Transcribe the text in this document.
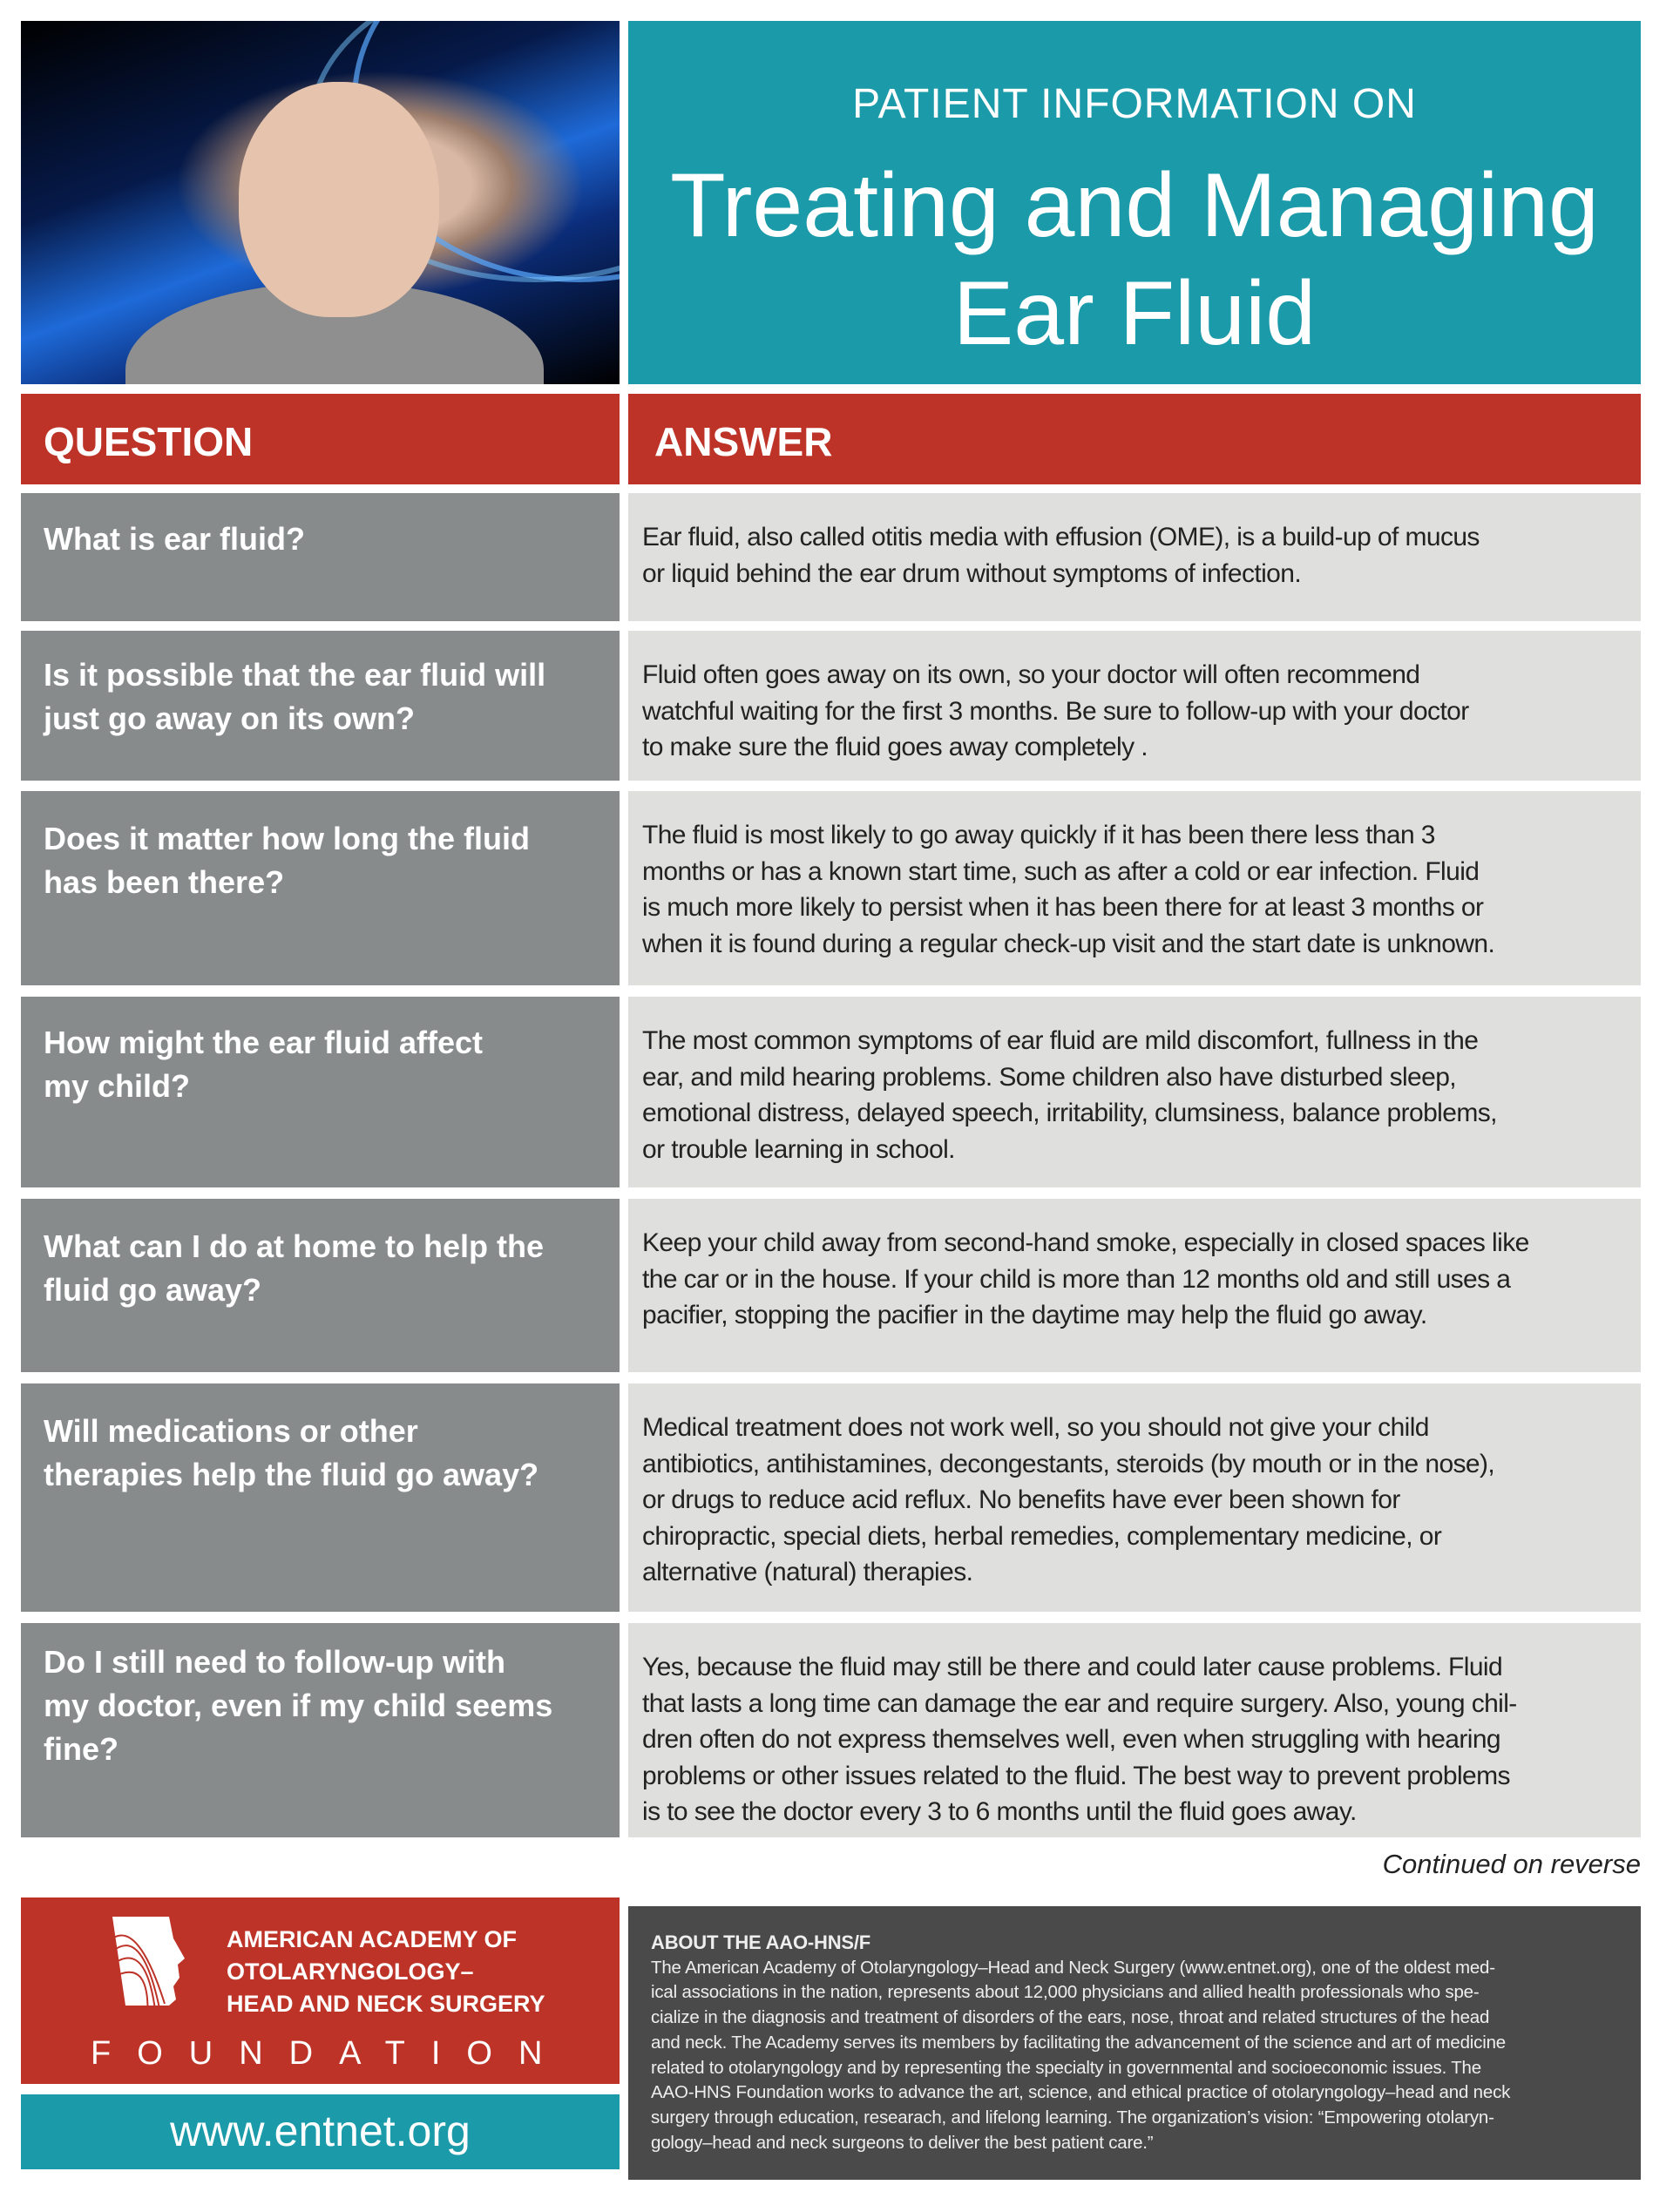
PATIENT INFORMATION ON
Treating and Managing
Ear Fluid
QUESTION	ANSWER
What is ear fluid?	Ear fluid, also called otitis media with effusion (OME), is a build-up of mucus
or liquid behind the ear drum without symptoms of infection.
Is it possible that the ear fluid will
just go away on its own?
Fluid often goes away on its own, so your doctor will often recommend
watchful waiting for the first 3 months. Be sure to follow-up with your doctor
to make sure the fluid goes away completely .
Does it matter how long the fluid
has been there?
The fluid is most likely to go away quickly if it has been there less than 3
months or has a known start time, such as after a cold or ear infection. Fluid
is much more likely to persist when it has been there for at least 3 months or
when it is found during a regular check-up visit and the start date is unknown.
How might the ear fluid affect
my child?
The most common symptoms of ear fluid are mild discomfort, fullness in the
ear, and mild hearing problems. Some children also have disturbed sleep,
emotional distress, delayed speech, irritability, clumsiness, balance problems,
or trouble learning in school.
What can I do at home to help the
fluid go away?
Keep your child away from second-hand smoke, especially in closed spaces like
the car or in the house. If your child is more than 12 months old and still uses a
pacifier, stopping the pacifier in the daytime may help the fluid go away.
Will medications or other
therapies help the fluid go away?
Medical treatment does not work well, so you should not give your child
antibiotics, antihistamines, decongestants, steroids (by mouth or in the nose),
or drugs to reduce acid reflux. No benefits have ever been shown for
chiropractic, special diets, herbal remedies, complementary medicine, or
alternative (natural) therapies.
Do I still need to follow-up with
my doctor, even if my child seems
fine?
Yes, because the fluid may still be there and could later cause problems. Fluid
that lasts a long time can damage the ear and require surgery. Also, young chil-
dren often do not express themselves well, even when struggling with hearing
problems or other issues related to the fluid. The best way to prevent problems
is to see the doctor every 3 to 6 months until the fluid goes away.
Continued on reverse
AMERICAN ACADEMY OF
OTOLARYNGOLOGY–
HEAD AND NECK SURGERY
FOUNDATION
www.entnet.org
ABOUT THE AAO-HNS/F
The American Academy of Otolaryngology–Head and Neck Surgery (www.entnet.org), one of the oldest med-
ical associations in the nation, represents about 12,000 physicians and allied health professionals who spe-
cialize in the diagnosis and treatment of disorders of the ears, nose, throat and related structures of the head
and neck. The Academy serves its members by facilitating the advancement of the science and art of medicine
related to otolaryngology and by representing the specialty in governmental and socioeconomic issues. The
AAO-HNS Foundation works to advance the art, science, and ethical practice of otolaryngology–head and neck
surgery through education, researach, and lifelong learning. The organization’s vision: “Empowering otolaryn-
gology–head and neck surgeons to deliver the best patient care.”
